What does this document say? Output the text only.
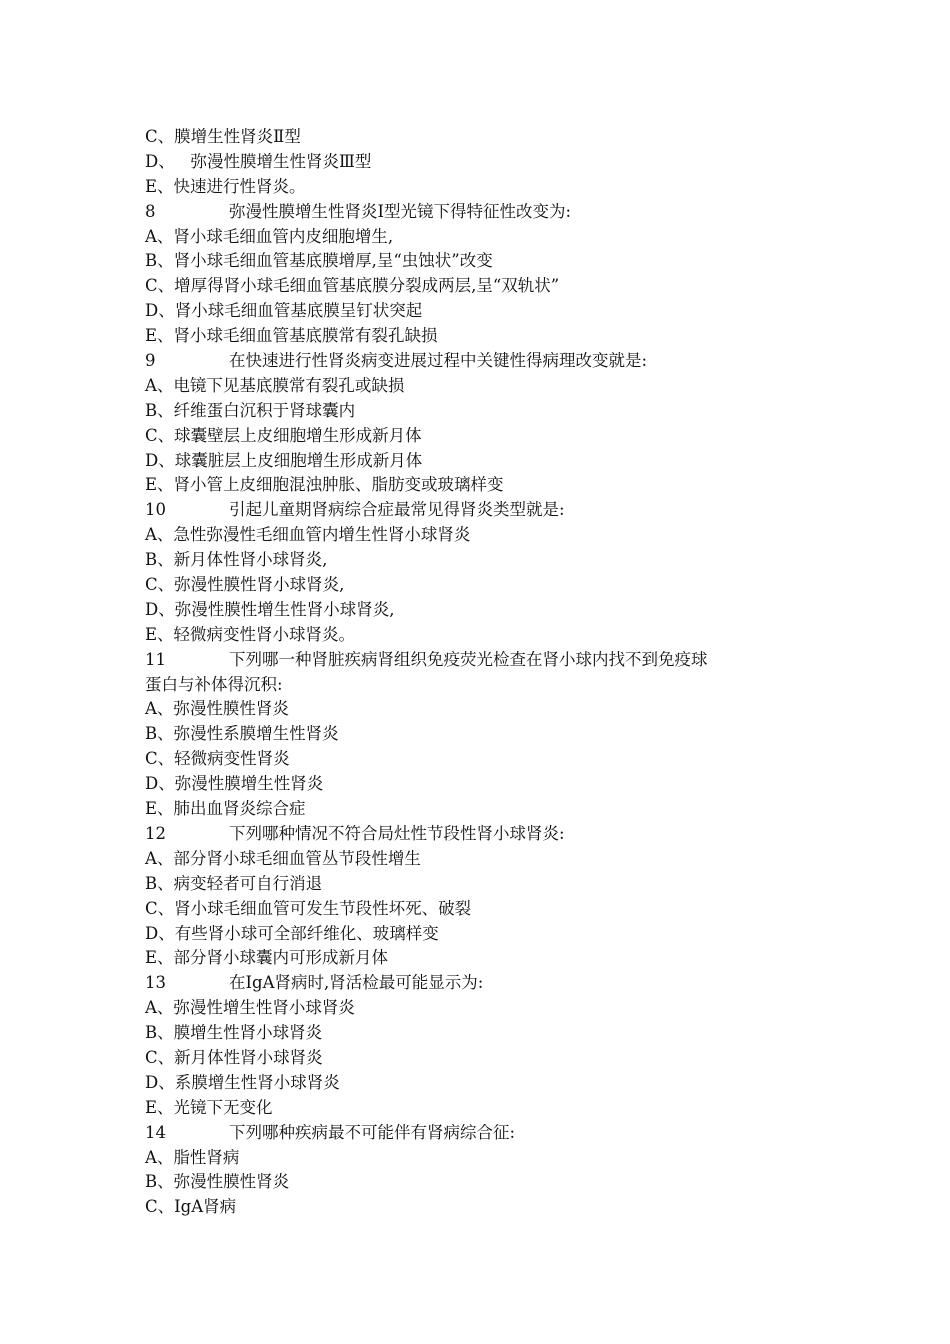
C、膜增生性肾炎Ⅱ型
D、   弥漫性膜增生性肾炎Ⅲ型
E、快速进行性肾炎。
8	弥漫性膜增生性肾炎Ⅰ型光镜下得特征性改变为:
A、肾小球毛细血管内皮细胞增生,
B、肾小球毛细血管基底膜增厚,呈“虫蚀状”改变
C、增厚得肾小球毛细血管基底膜分裂成两层,呈“双轨状”
D、肾小球毛细血管基底膜呈钉状突起
E、肾小球毛细血管基底膜常有裂孔缺损
9	在快速进行性肾炎病变进展过程中关键性得病理改变就是:
A、电镜下见基底膜常有裂孔或缺损
B、纤维蛋白沉积于肾球囊内
C、球囊壁层上皮细胞增生形成新月体
D、球囊脏层上皮细胞增生形成新月体
E、肾小管上皮细胞混浊肿胀、脂肪变或玻璃样变
10	引起儿童期肾病综合症最常见得肾炎类型就是:
A、急性弥漫性毛细血管内增生性肾小球肾炎
B、新月体性肾小球肾炎,
C、弥漫性膜性肾小球肾炎,
D、弥漫性膜性增生性肾小球肾炎,
E、轻微病变性肾小球肾炎。
11	下列哪一种肾脏疾病肾组织免疫荧光检查在肾小球内找不到免疫球
蛋白与补体得沉积:
A、弥漫性膜性肾炎
B、弥漫性系膜增生性肾炎
C、轻微病变性肾炎
D、弥漫性膜增生性肾炎
E、肺出血肾炎综合症
12	下列哪种情况不符合局灶性节段性肾小球肾炎:
A、部分肾小球毛细血管丛节段性增生
B、病变轻者可自行消退
C、肾小球毛细血管可发生节段性坏死、破裂
D、有些肾小球可全部纤维化、玻璃样变
E、部分肾小球囊内可形成新月体
13	在IgA肾病时,肾活检最可能显示为:
A、弥漫性增生性肾小球肾炎
B、膜增生性肾小球肾炎
C、新月体性肾小球肾炎
D、系膜增生性肾小球肾炎
E、光镜下无变化
14	下列哪种疾病最不可能伴有肾病综合征:
A、脂性肾病
B、弥漫性膜性肾炎
C、IgA肾病
